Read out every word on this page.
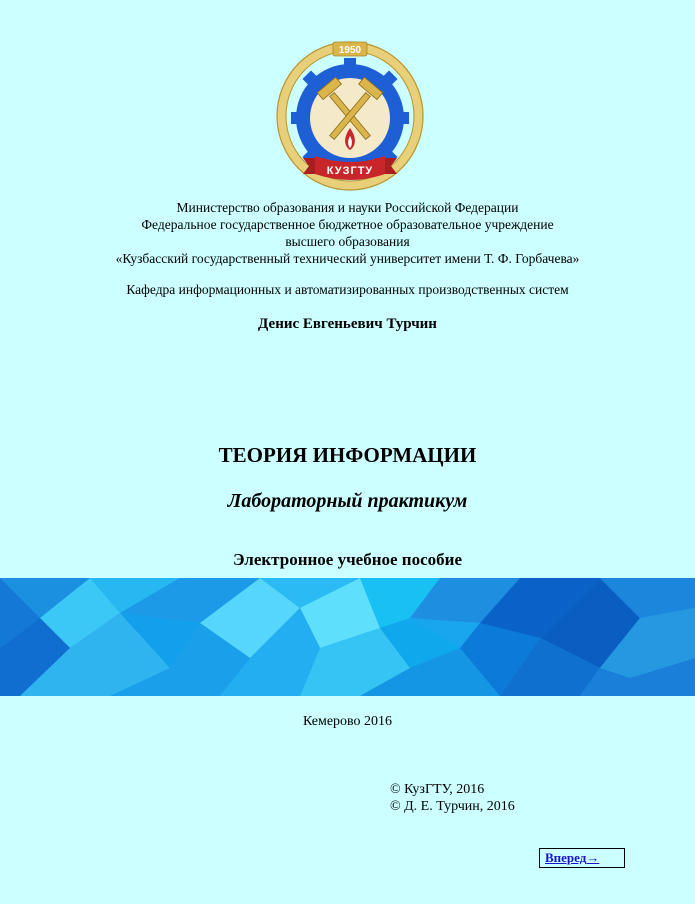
1950
КУЗГТУ
Министерство образования и науки Российской Федерации
Федеральное государственное бюджетное образовательное учреждение
высшего образования
«Кузбасский государственный технический университет имени Т. Ф. Горбачева»
Кафедра информационных и автоматизированных производственных систем
Денис Евгеньевич Турчин
ТЕОРИЯ ИНФОРМАЦИИ
Лабораторный практикум
Электронное учебное пособие
Кемерово 2016
© КузГТУ, 2016
© Д. Е. Турчин, 2016
Вперед→
